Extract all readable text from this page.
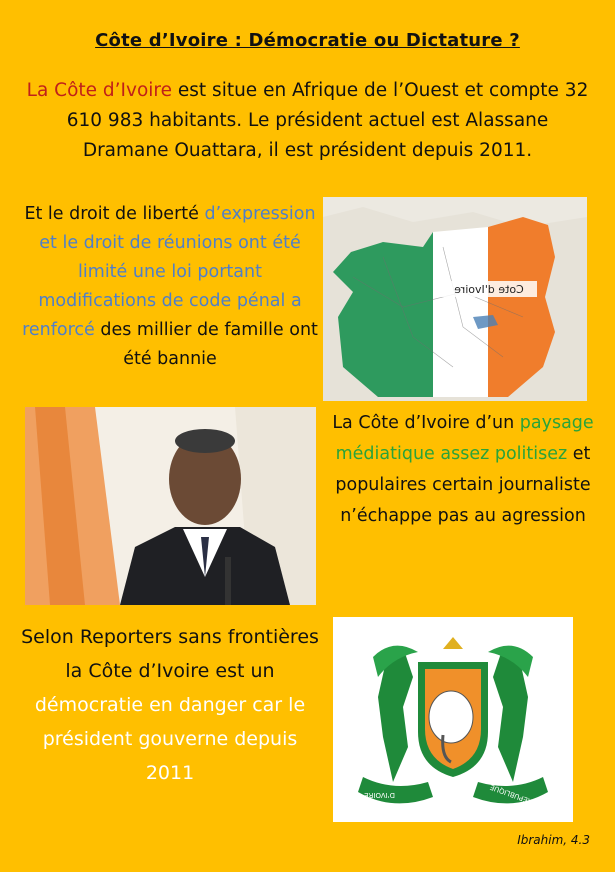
Côte d’Ivoire : Démocratie ou Dictature ?
La Côte d’Ivoire est situe en Afrique de l’Ouest et compte 32 610 983 habitants. Le président actuel est Alassane Dramane Ouattara, il est président depuis 2011.
Et le droit de liberté d’expression et le droit de réunions ont été limité une loi portant modifications de code pénal a renforcé des millier de famille ont été bannie
Cote d'Ivoire
La Côte d’Ivoire d’un paysage médiatique assez politisez et populaires certain journaliste n’échappe pas au agression
Selon Reporters sans frontières la Côte d’Ivoire est un démocratie en danger car le président gouverne depuis 2011
D'IVOIRE	REPUBLIQUE
Ibrahim, 4.3
